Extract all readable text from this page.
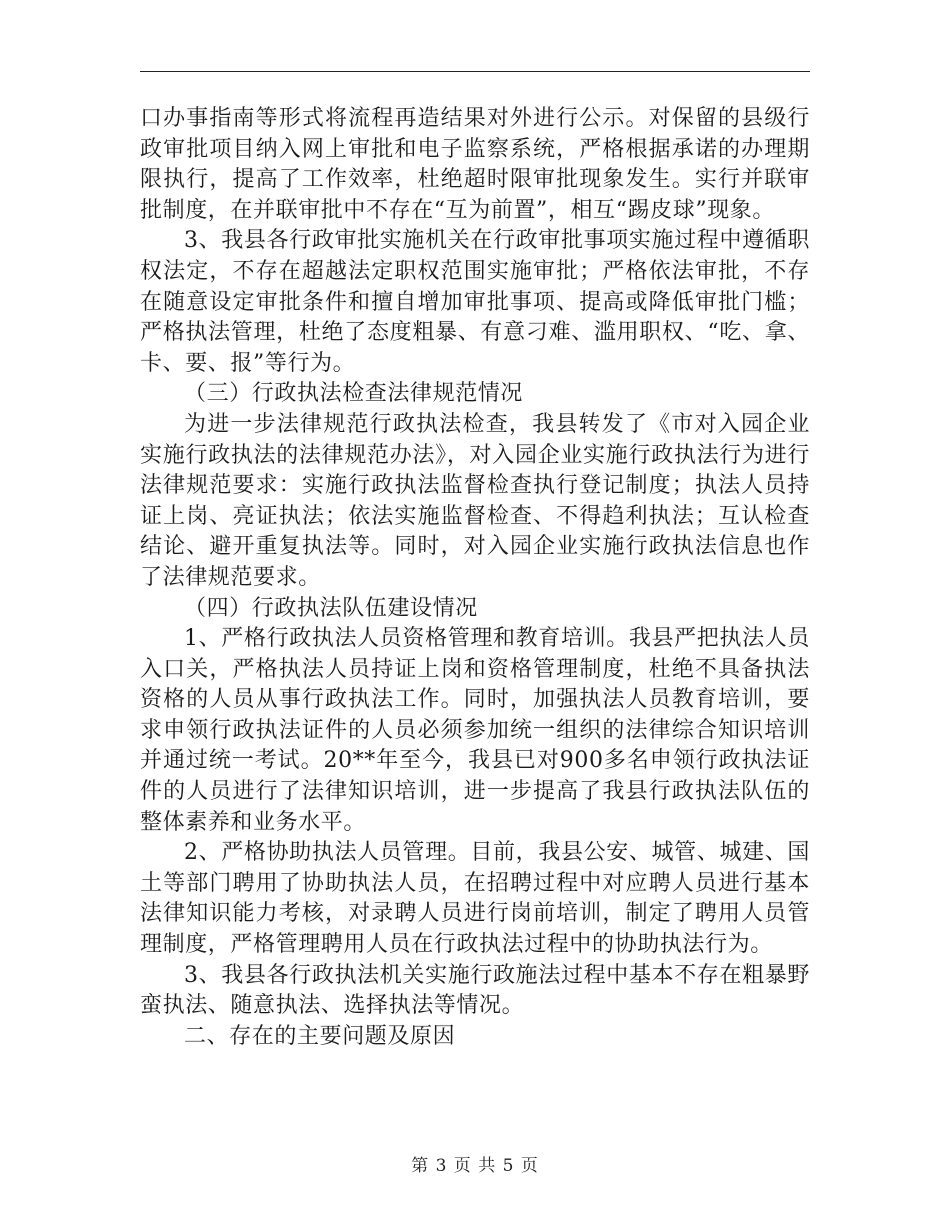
口办事指南等形式将流程再造结果对外进行公示。对保留的县级行政审批项目纳入网上审批和电子监察系统，严格根据承诺的办理期限执行，提高了工作效率，杜绝超时限审批现象发生。实行并联审批制度，在并联审批中不存在“互为前置”，相互“踢皮球”现象。

3、我县各行政审批实施机关在行政审批事项实施过程中遵循职权法定，不存在超越法定职权范围实施审批；严格依法审批，不存在随意设定审批条件和擅自增加审批事项、提高或降低审批门槛；严格执法管理，杜绝了态度粗暴、有意刁难、滥用职权、“吃、拿、卡、要、报”等行为。

（三）行政执法检查法律规范情况

为进一步法律规范行政执法检查，我县转发了《市对入园企业实施行政执法的法律规范办法》，对入园企业实施行政执法行为进行法律规范要求：实施行政执法监督检查执行登记制度；执法人员持证上岗、亮证执法；依法实施监督检查、不得趋利执法；互认检查结论、避开重复执法等。同时，对入园企业实施行政执法信息也作了法律规范要求。

（四）行政执法队伍建设情况

1、严格行政执法人员资格管理和教育培训。我县严把执法人员入口关，严格执法人员持证上岗和资格管理制度，杜绝不具备执法资格的人员从事行政执法工作。同时，加强执法人员教育培训，要求申领行政执法证件的人员必须参加统一组织的法律综合知识培训并通过统一考试。20**年至今，我县已对900多名申领行政执法证件的人员进行了法律知识培训，进一步提高了我县行政执法队伍的整体素养和业务水平。

2、严格协助执法人员管理。目前，我县公安、城管、城建、国土等部门聘用了协助执法人员，在招聘过程中对应聘人员进行基本法律知识能力考核，对录聘人员进行岗前培训，制定了聘用人员管理制度，严格管理聘用人员在行政执法过程中的协助执法行为。

3、我县各行政执法机关实施行政施法过程中基本不存在粗暴野蛮执法、随意执法、选择执法等情况。

二、存在的主要问题及原因

第 3 页 共 5 页
